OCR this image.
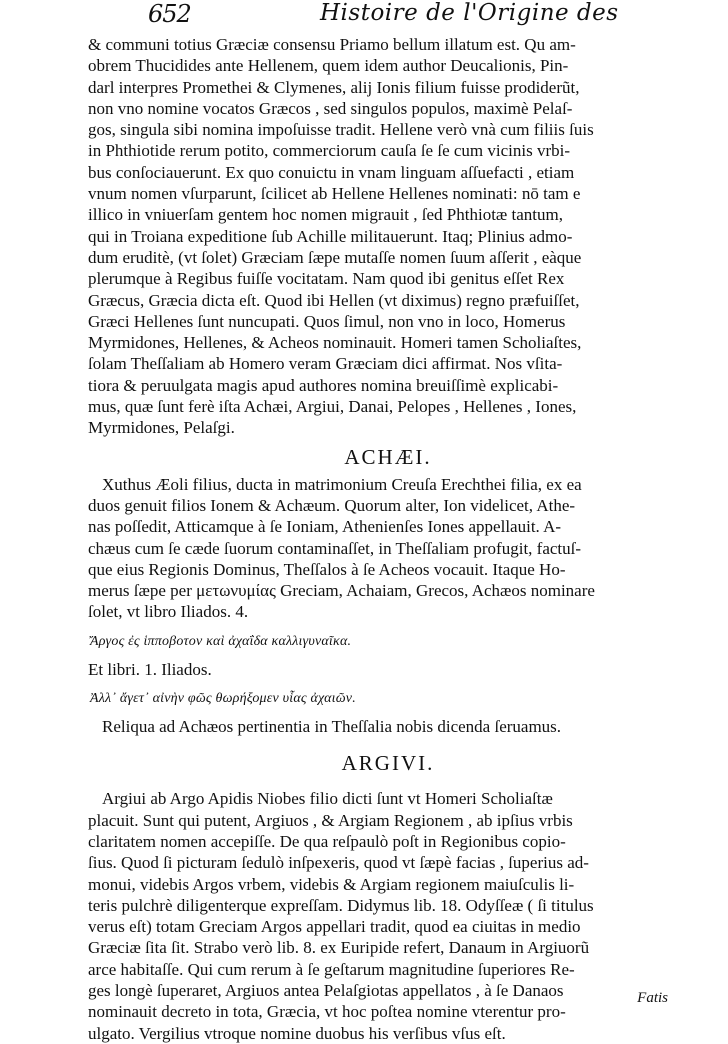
652	Histoire de l'Origine des
& communi totius Græciæ consensu Priamo bellum illatum est. Qu am-
obrem Thucidides ante Hellenem, quem idem author Deucalionis, Pin-
darl interpres Promethei & Clymenes, alij Ionis filium fuisse prodiderũt,
non vno nomine vocatos Græcos , sed singulos populos, maximè Pelaſ-
gos, singula sibi nomina impoſuisse tradit. Hellene verò vnà cum filiis ſuis
in Phthiotide rerum potito, commerciorum cauſa ſe ſe cum vicinis vrbi-
bus conſociauerunt. Ex quo conuictu in vnam linguam aſſuefacti , etiam
vnum nomen vſurparunt, ſcilicet ab Hellene Hellenes nominati: nō tam e
illico in vniuerſam gentem hoc nomen migrauit , ſed Phthiotæ tantum,
qui in Troiana expeditione ſub Achille militauerunt. Itaq; Plinius admo-
dum eruditè, (vt ſolet) Græciam ſæpe mutaſſe nomen ſuum aſſerit , eàque
plerumque à Regibus fuiſſe vocitatam. Nam quod ibi genitus eſſet Rex
Græcus, Græcia dicta eſt. Quod ibi Hellen (vt diximus) regno præfuiſſet,
Græci Hellenes ſunt nuncupati. Quos ſimul, non vno in loco, Homerus
Myrmidones, Hellenes, & Acheos nominauit. Homeri tamen Scholiaſtes,
ſolam Theſſaliam ab Homero veram Græciam dici affirmat. Nos vſita-
tiora & peruulgata magis apud authores nomina breuiſſimè explicabi-
mus, quæ ſunt ferè iſta Achæi, Argiui, Danai, Pelopes , Hellenes , Iones,
Myrmidones, Pelaſgi.
ACHÆI.
Xuthus Æoli filius, ducta in matrimonium Creuſa Erechthei filia, ex ea
duos genuit filios Ionem & Achæum. Quorum alter, Ion videlicet, Athe-
nas poſſedit, Atticamque à ſe Ioniam, Athenienſes Iones appellauit. A-
chæus cum ſe cæde ſuorum contaminaſſet, in Theſſaliam profugit, factuſ-
que eius Regionis Dominus, Theſſalos à ſe Acheos vocauit. Itaque Ho-
merus ſæpe per μετωνυμίας Greciam, Achaiam, Grecos, Achæos nominare
ſolet, vt libro Iliados. 4.
Ἄργος ἐς ἱπποβοτον καὶ ἀχαΐδα καλλιγυναῖκα.
Et libri. 1. Iliados.
Ἀλλ᾽ ἄγετ᾽ αἰνὴν φῶς θωρήξομεν υἷας ἀχαιῶν.
Reliqua ad Achæos pertinentia in Theſſalia nobis dicenda ſeruamus.
ARGIVI.
Argiui ab Argo Apidis Niobes filio dicti ſunt vt Homeri Scholiaſtæ
placuit. Sunt qui putent, Argiuos , & Argiam Regionem , ab ipſius vrbis
claritatem nomen accepiſſe. De qua reſpaulò poſt in Regionibus copio-
ſius. Quod ſi picturam ſedulò inſpexeris, quod vt ſæpè facias , ſuperius ad-
monui, videbis Argos vrbem, videbis & Argiam regionem maiuſculis li-
teris pulchrè diligenterque expreſſam. Didymus lib. 18. Odyſſeæ ( ſi titulus
verus eſt) totam Greciam Argos appellari tradit, quod ea ciuitas in medio
Græciæ ſita ſit. Strabo verò lib. 8. ex Euripide refert, Danaum in Argiuorũ
arce habitaſſe. Qui cum rerum à ſe geſtarum magnitudine ſuperiores Re-
ges longè ſuperaret, Argiuos antea Pelaſgiotas appellatos , à ſe Danaos
nominauit decreto in tota, Græcia, vt hoc poſtea nomine vterentur pro-
ulgato. Vergilius vtroque nomine duobus his verſibus vſus eſt.
Fatis
